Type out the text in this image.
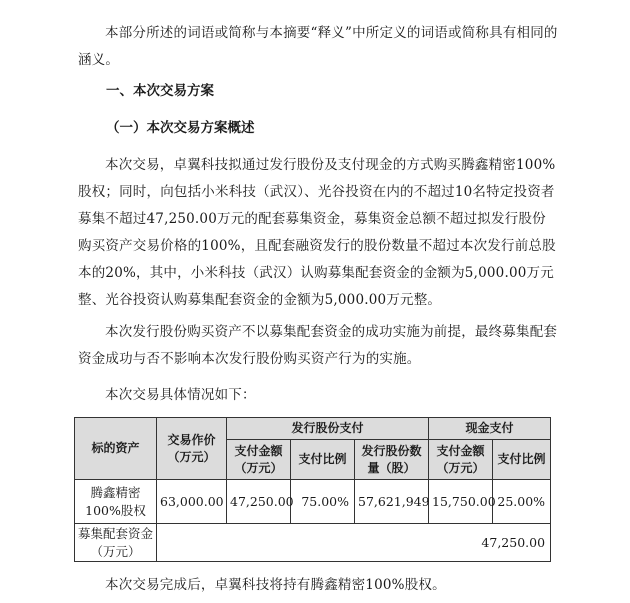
本部分所述的词语或简称与本摘要“释义”中所定义的词语或简称具有相同的涵义。

一、本次交易方案
（一）本次交易方案概述

本次交易，卓翼科技拟通过发行股份及支付现金的方式购买腾鑫精密100%股权；同时，向包括小米科技（武汉）、光谷投资在内的不超过10名特定投资者募集不超过47,250.00万元的配套募集资金，募集资金总额不超过拟发行股份购买资产交易价格的100%，且配套融资发行的股份数量不超过本次发行前总股本的20%，其中，小米科技（武汉）认购募集配套资金的金额为5,000.00万元整、光谷投资认购募集配套资金的金额为5,000.00万元整。

本次发行股份购买资产不以募集配套资金的成功实施为前提，最终募集配套资金成功与否不影响本次发行股份购买资产行为的实施。

本次交易具体情况如下：

标的资产	交易作价（万元）	发行股份支付			现金支付	
		支付金额（万元）	支付比例	发行股份数量（股）	支付金额（万元）	支付比例
腾鑫精密100%股权	63,000.00	47,250.00	75.00%	57,621,949	15,750.00	25.00%
募集配套资金（万元）	47,250.00					

本次交易完成后，卓翼科技将持有腾鑫精密100%股权。
